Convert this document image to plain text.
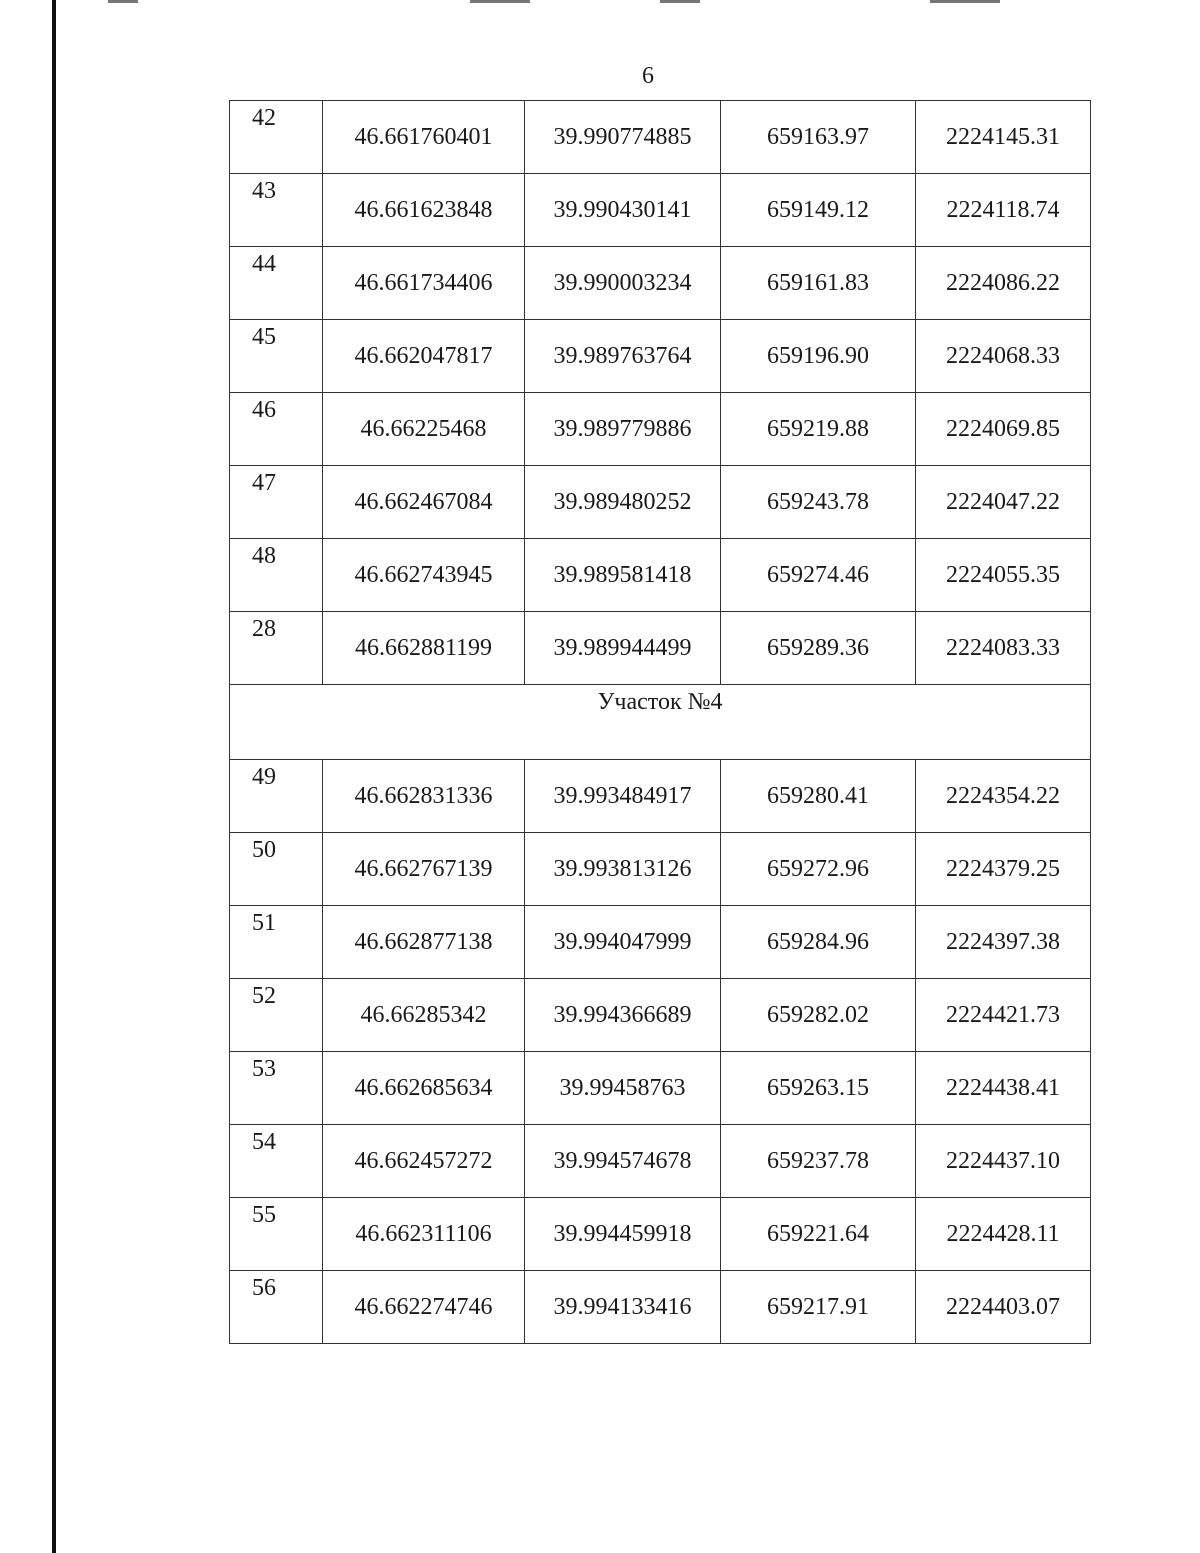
6
42	46.661760401	39.990774885	659163.97	2224145.31
43	46.661623848	39.990430141	659149.12	2224118.74
44	46.661734406	39.990003234	659161.83	2224086.22
45	46.662047817	39.989763764	659196.90	2224068.33
46	46.66225468	39.989779886	659219.88	2224069.85
47	46.662467084	39.989480252	659243.78	2224047.22
48	46.662743945	39.989581418	659274.46	2224055.35
28	46.662881199	39.989944499	659289.36	2224083.33
Участок №4				
49	46.662831336	39.993484917	659280.41	2224354.22
50	46.662767139	39.993813126	659272.96	2224379.25
51	46.662877138	39.994047999	659284.96	2224397.38
52	46.66285342	39.994366689	659282.02	2224421.73
53	46.662685634	39.99458763	659263.15	2224438.41
54	46.662457272	39.994574678	659237.78	2224437.10
55	46.662311106	39.994459918	659221.64	2224428.11
56	46.662274746	39.994133416	659217.91	2224403.07
